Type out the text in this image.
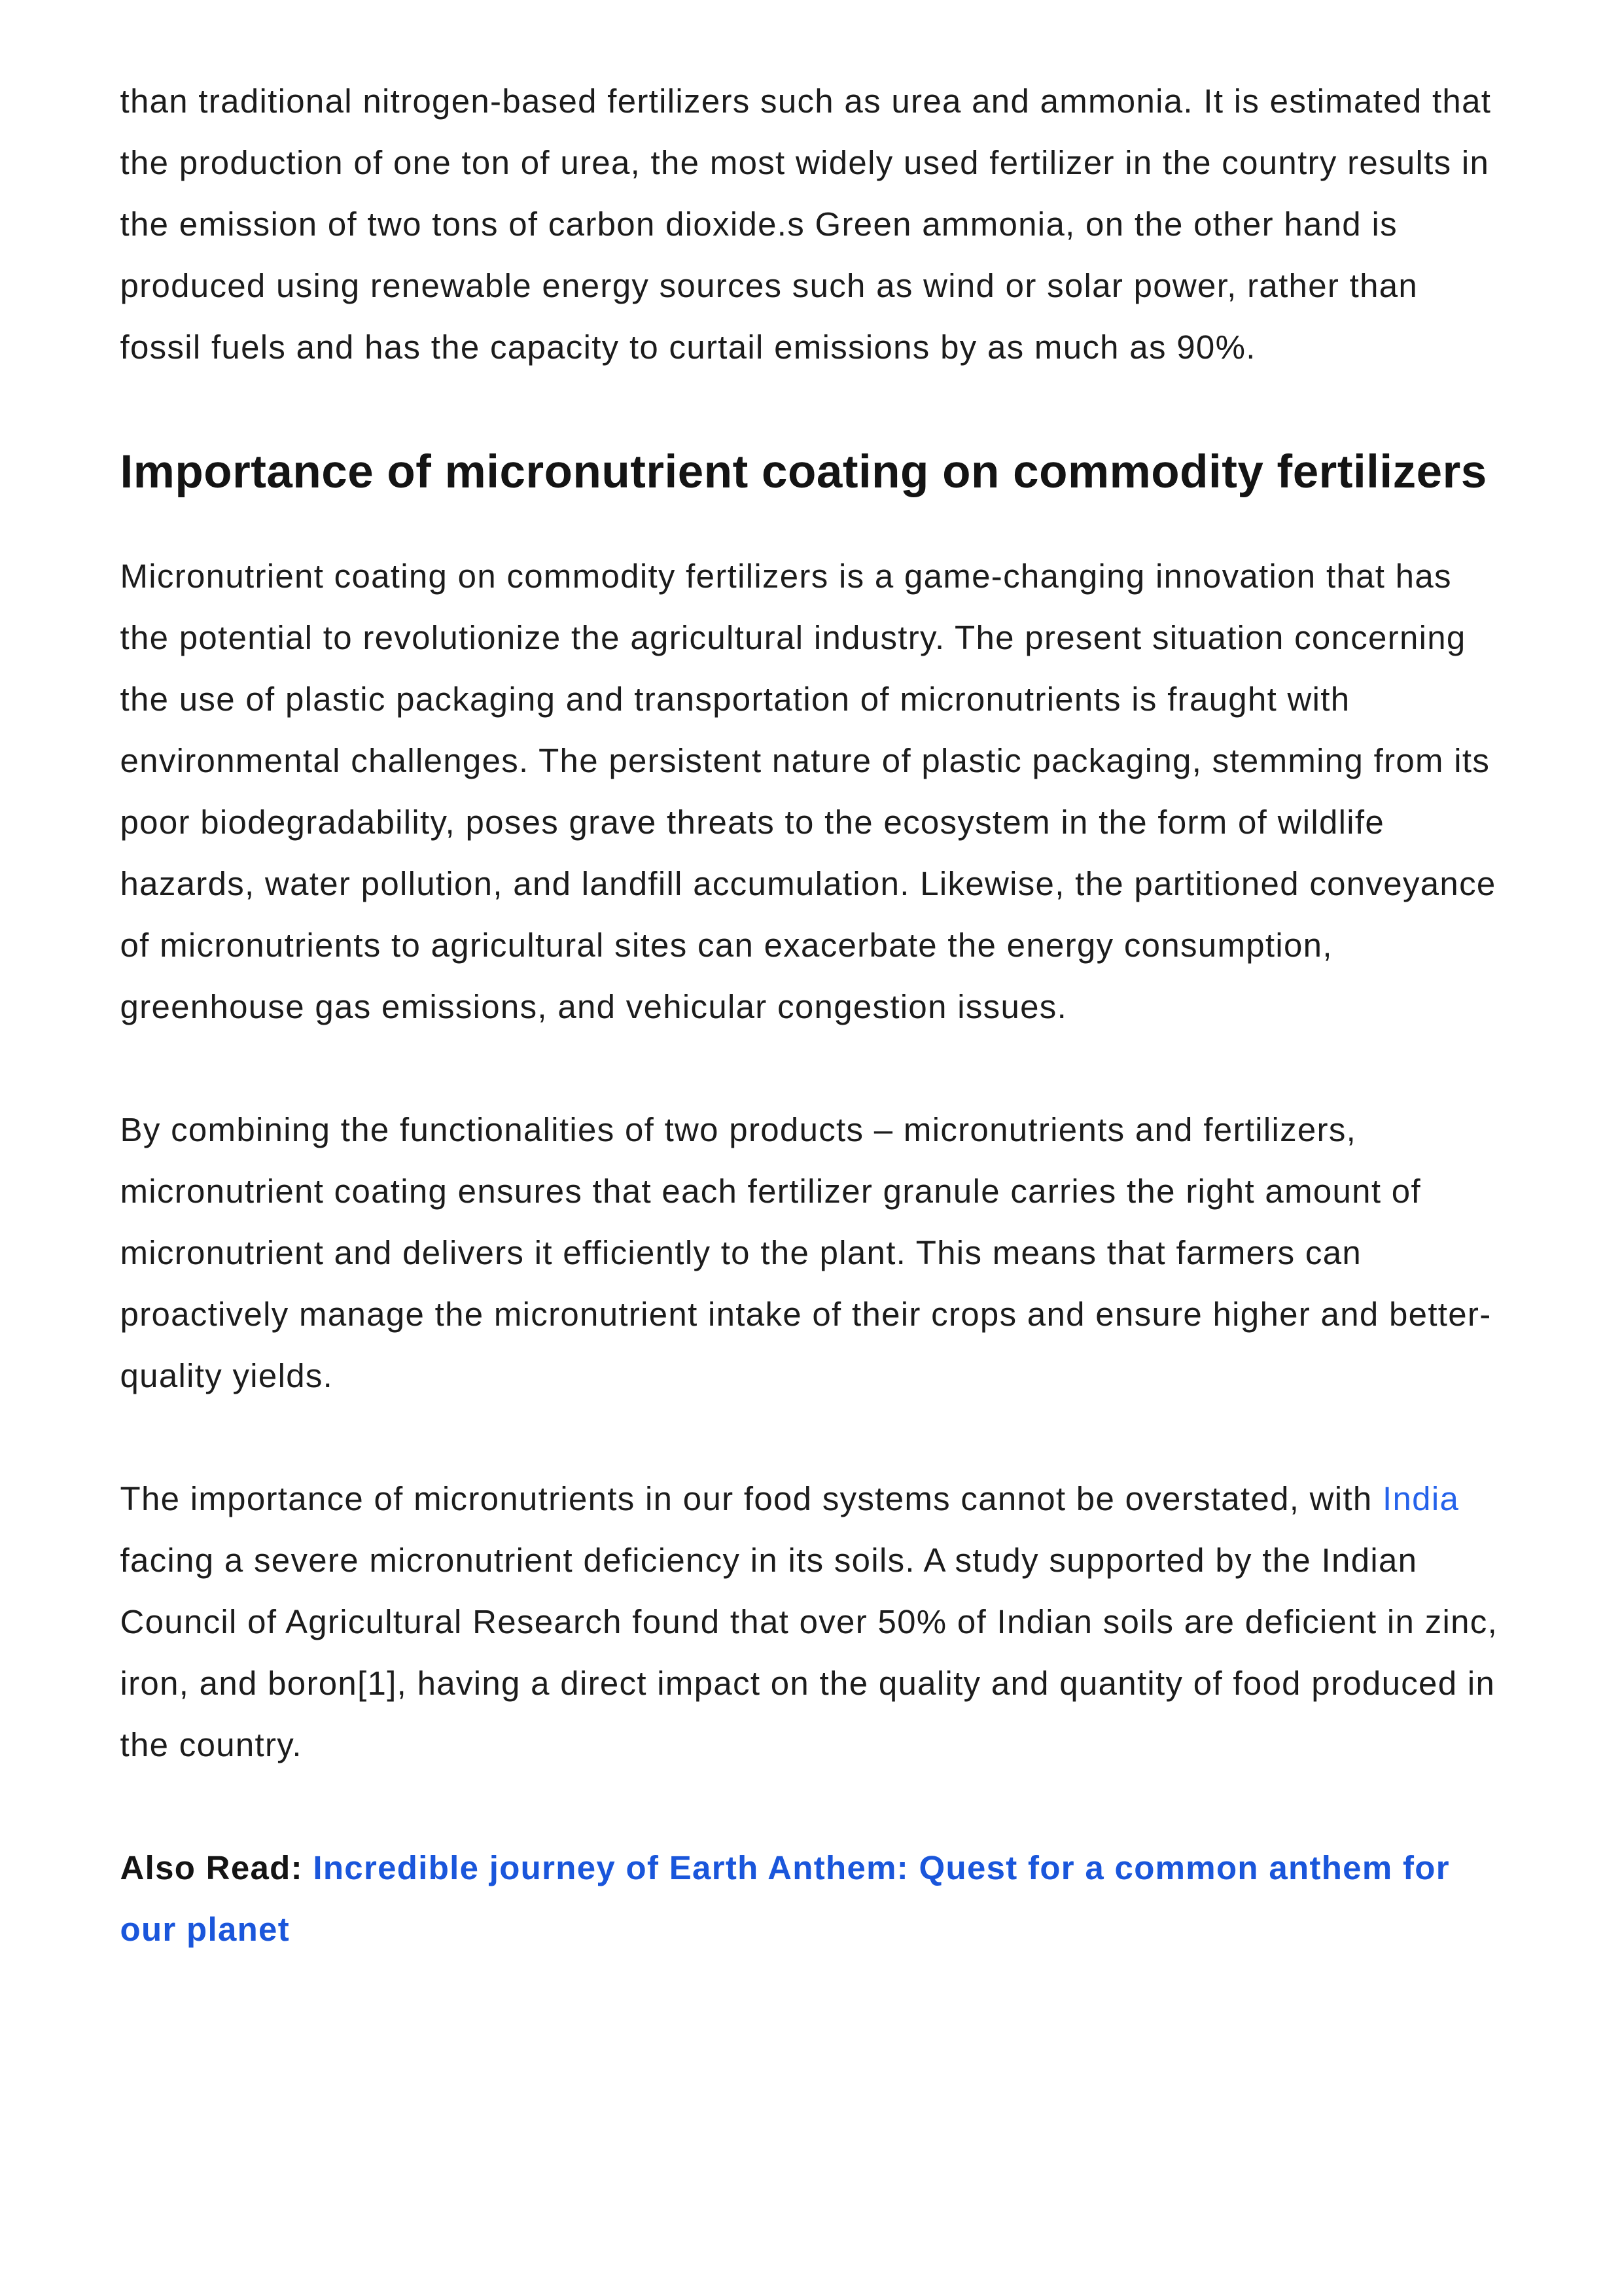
than traditional nitrogen-based fertilizers such as urea and ammonia. It is estimated that the production of one ton of urea, the most widely used fertilizer in the country results in the emission of two tons of carbon dioxide.s Green ammonia, on the other hand is produced using renewable energy sources such as wind or solar power, rather than fossil fuels and has the capacity to curtail emissions by as much as 90%.

Importance of micronutrient coating on commodity fertilizers

Micronutrient coating on commodity fertilizers is a game-changing innovation that has the potential to revolutionize the agricultural industry. The present situation concerning the use of plastic packaging and transportation of micronutrients is fraught with environmental challenges. The persistent nature of plastic packaging, stemming from its poor biodegradability, poses grave threats to the ecosystem in the form of wildlife hazards, water pollution, and landfill accumulation. Likewise, the partitioned conveyance of micronutrients to agricultural sites can exacerbate the energy consumption, greenhouse gas emissions, and vehicular congestion issues.

By combining the functionalities of two products – micronutrients and fertilizers, micronutrient coating ensures that each fertilizer granule carries the right amount of micronutrient and delivers it efficiently to the plant. This means that farmers can proactively manage the micronutrient intake of their crops and ensure higher and better-quality yields.

The importance of micronutrients in our food systems cannot be overstated, with India facing a severe micronutrient deficiency in its soils. A study supported by the Indian Council of Agricultural Research found that over 50% of Indian soils are deficient in zinc, iron, and boron[1], having a direct impact on the quality and quantity of food produced in the country.

Also Read: Incredible journey of Earth Anthem: Quest for a common anthem for our planet
